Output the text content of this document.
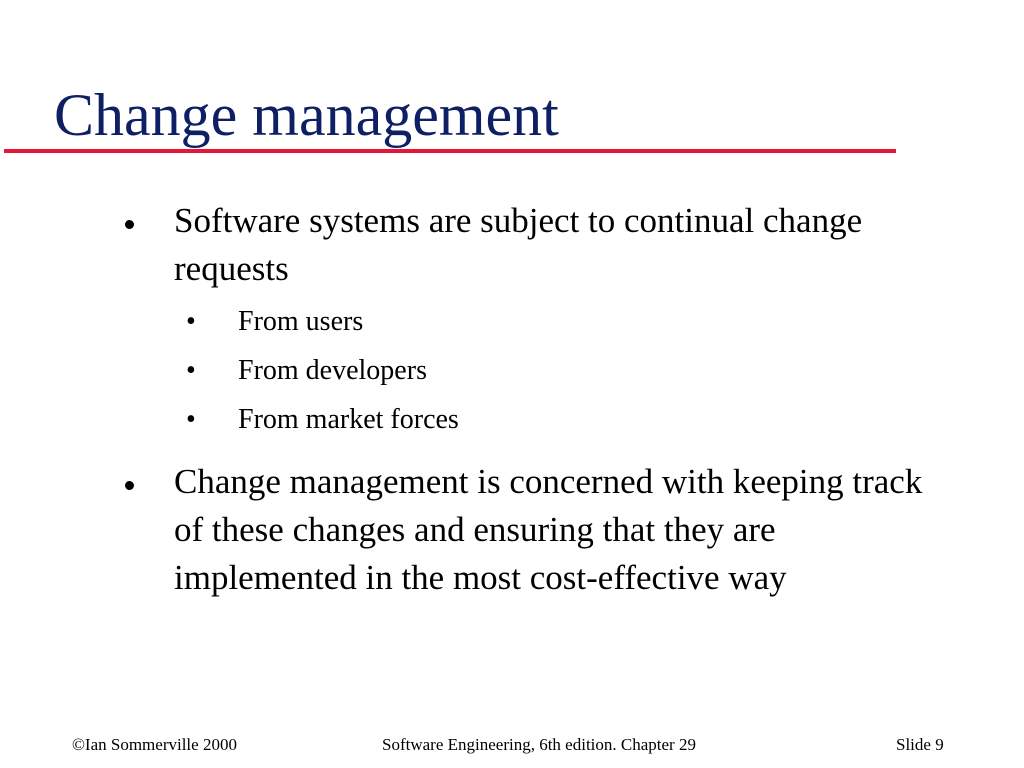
Change management
Software systems are subject to continual change requests
• From users
• From developers
• From market forces
Change management is concerned with keeping track of these changes and ensuring that they are implemented in the most cost-effective way
©Ian Sommerville 2000	Software Engineering, 6th edition. Chapter 29	Slide 9
